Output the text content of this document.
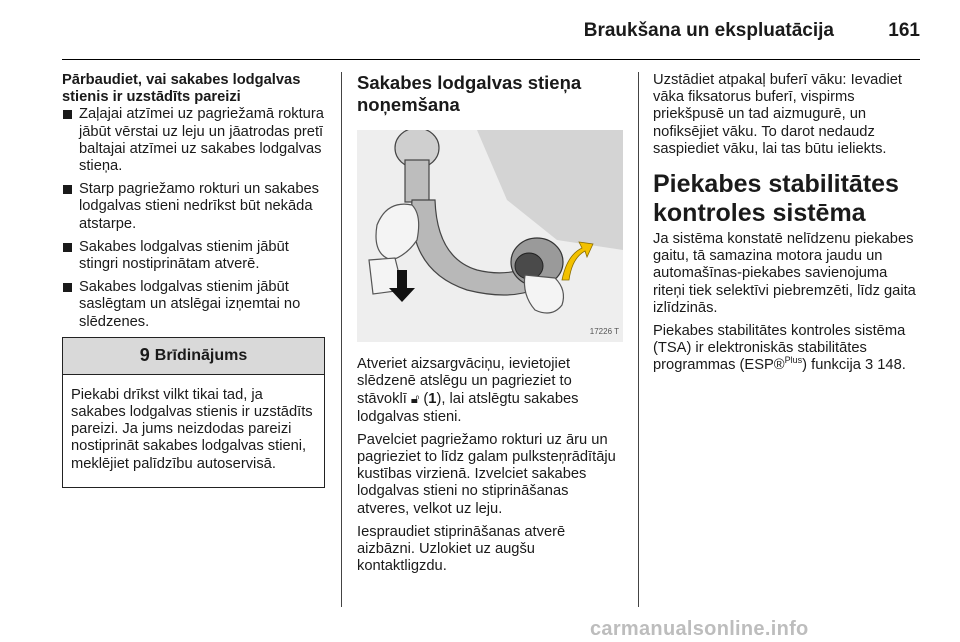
Braukšana un ekspluatācija	161
Pārbaudiet, vai sakabes lodgalvas stienis ir uzstādīts pareizi
Zaļajai atzīmei uz pagriežamā roktura jābūt vērstai uz leju un jāatrodas pretī baltajai atzīmei uz sakabes lodgalvas stieņa.
Starp pagriežamo rokturi un sakabes lodgalvas stieni nedrīkst būt nekāda atstarpe.
Sakabes lodgalvas stienim jābūt stingri nostiprinātam atverē.
Sakabes lodgalvas stienim jābūt saslēgtam un atslēgai izņemtai no slēdzenes.
9 Brīdinājums
Piekabi drīkst vilkt tikai tad, ja sakabes lodgalvas stienis ir uzstādīts pareizi. Ja jums neizdodas pareizi nostiprināt sakabes lodgalvas stieni, meklējiet palīdzību autoservisā.
Sakabes lodgalvas stieņa noņemšana
17226 T

Atveriet aizsargvāciņu, ievietojiet slēdzenē atslēgu un pagrieziet to stāvoklī 🔓︎ (1), lai atslēgtu sakabes lodgalvas stieni.

Pavelciet pagriežamo rokturi uz āru un pagrieziet to līdz galam pulksteņrādītāju kustības virzienā. Izvelciet sakabes lodgalvas stieni no stiprināšanas atveres, velkot uz leju.

Iespraudiet stiprināšanas atverē aizbāzni. Uzlokiet uz augšu kontaktligzdu.

Uzstādiet atpakaļ buferī vāku: Ievadiet vāka fiksatorus buferī, vispirms priekšpusē un tad aizmugurē, un nofiksējiet vāku. To darot nedaudz saspiediet vāku, lai tas būtu ieliekts.

Piekabes stabilitātes kontroles sistēma

Ja sistēma konstatē nelīdzenu piekabes gaitu, tā samazina motora jaudu un automašīnas-piekabes savienojuma riteņi tiek selektīvi piebremzēti, līdz gaita izlīdzinās.

Piekabes stabilitātes kontroles sistēma (TSA) ir elektroniskās stabilitātes programmas (ESP®$^{Plus}$) funkcija 3 148.

carmanualsonline.info
